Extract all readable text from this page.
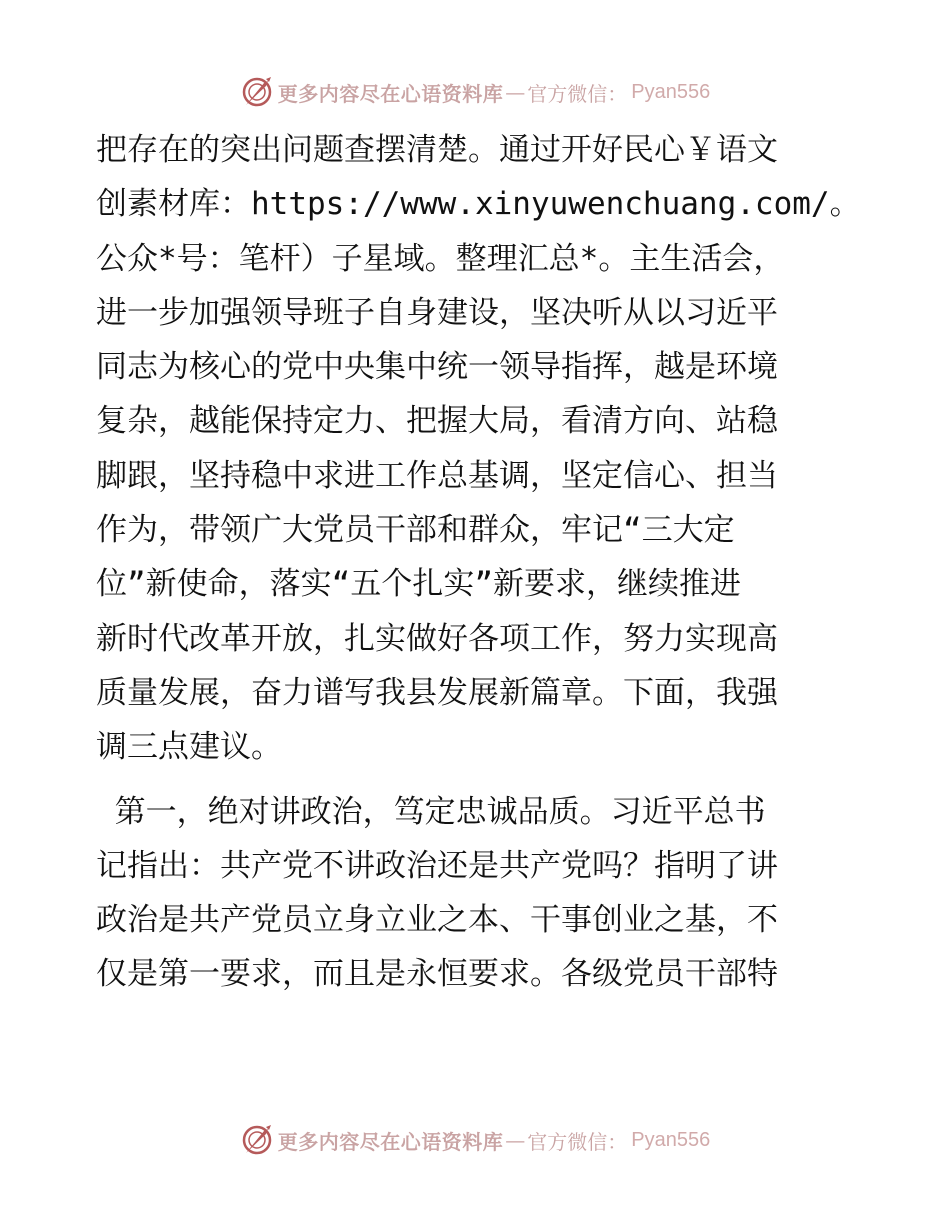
更多内容尽在心语资料库 — 官方微信： Pyan556
把存在的突出问题查摆清楚。通过开好民心￥语文
创素材库：https://www.xinyuwenchuang.com/。
公众*号：笔杆）子星域。整理汇总*。主生活会，
进一步加强领导班子自身建设，坚决听从以习近平
同志为核心的党中央集中统一领导指挥，越是环境
复杂，越能保持定力、把握大局，看清方向、站稳
脚跟，坚持稳中求进工作总基调，坚定信心、担当
作为，带领广大党员干部和群众，牢记“三大定
位”新使命，落实“五个扎实”新要求，继续推进
新时代改革开放，扎实做好各项工作，努力实现高
质量发展，奋力谱写我县发展新篇章。下面，我强
调三点建议。
第一，绝对讲政治，笃定忠诚品质。习近平总书
记指出：共产党不讲政治还是共产党吗？指明了讲
政治是共产党员立身立业之本、干事创业之基，不
仅是第一要求，而且是永恒要求。各级党员干部特
更多内容尽在心语资料库 — 官方微信： Pyan556
